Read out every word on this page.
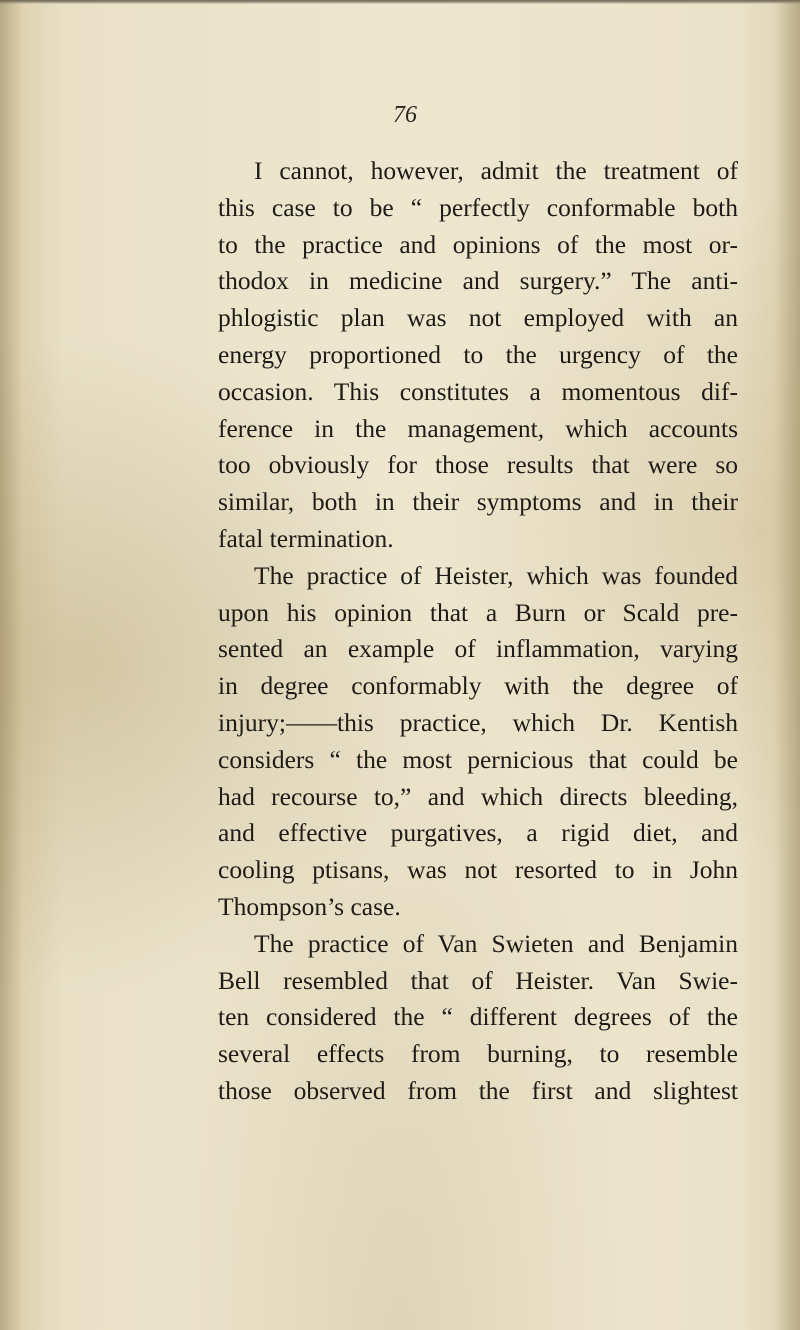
76
I cannot, however, admit the treatment of
this case to be “ perfectly conformable both
to the practice and opinions of the most or-
thodox in medicine and surgery.” The anti-
phlogistic plan was not employed with an
energy proportioned to the urgency of the
occasion. This constitutes a momentous dif-
ference in the management, which accounts
too obviously for those results that were so
similar, both in their symptoms and in their
fatal termination.
The practice of Heister, which was founded
upon his opinion that a Burn or Scald pre-
sented an example of inflammation, varying
in degree conformably with the degree of
injury;——this practice, which Dr. Kentish
considers “ the most pernicious that could be
had recourse to,” and which directs bleeding,
and effective purgatives, a rigid diet, and
cooling ptisans, was not resorted to in John
Thompson’s case.
The practice of Van Swieten and Benjamin
Bell resembled that of Heister. Van Swie-
ten considered the “ different degrees of the
several effects from burning, to resemble
those observed from the first and slightest
